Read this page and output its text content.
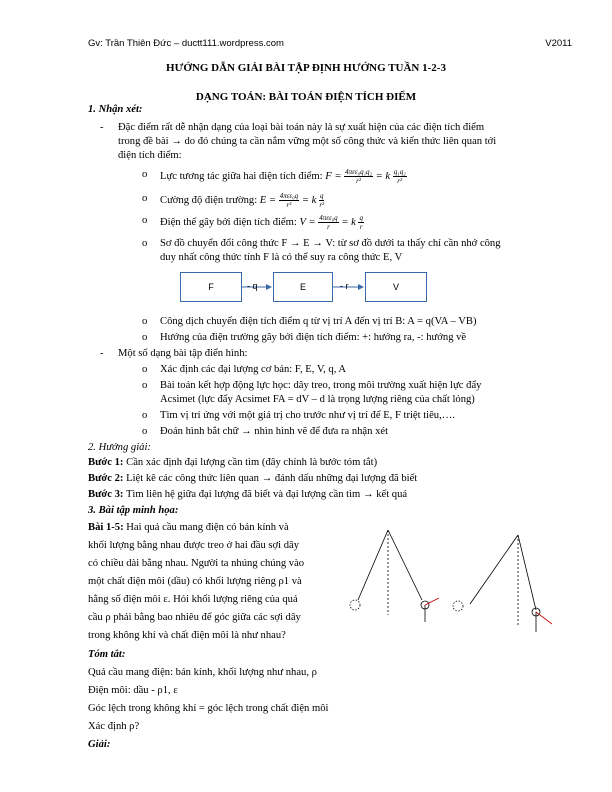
Gv: Trần Thiên Đức – ductt111.wordpress.com	V2011
HƯỚNG DẪN GIẢI BÀI TẬP ĐỊNH HƯỚNG TUẦN 1-2-3
DẠNG TOÁN: BÀI TOÁN ĐIỆN TÍCH ĐIỂM
1. Nhận xét:
- Đặc điểm rất dễ nhận dạng của loại bài toán này là sự xuất hiện của các điện tích điểm
trong đề bài → do đó chúng ta cần nắm vững một số công thức và kiến thức liên quan tới
điện tích điểm:
o Lực tương tác giữa hai điện tích điểm: $F = \frac{\text{4πεε₀q₁q₂}}{\text{r²}} = k \frac{\text{q₁q₂}}{\text{r²}}$
o Cường độ điện trường: $E = \frac{\text{4πεε₀q}}{\text{r²}} = k \frac{q}{\text{r²}}$
o Điện thế gây bởi điện tích điểm: $V = \frac{\text{4πεε₀q}}{r} = k \frac{q}{r}$
o Sơ đồ chuyển đổi công thức F → E → V: từ sơ đồ dưới ta thấy chỉ cần nhớ công
duy nhất công thức tính F là có thể suy ra công thức E, V
F	E	V
- q	- r
o Công dịch chuyển điện tích điểm q từ vị trí A đến vị trí B: A = q(VA – VB)
o Hướng của điện trường gây bởi điện tích điểm: +: hướng ra, -: hướng về
- Một số dạng bài tập điển hình:
o Xác định các đại lượng cơ bản: F, E, V, q, A
o Bài toán kết hợp động lực học: dây treo, trong môi trường xuất hiện lực đẩy
Acsimet (lực đẩy Acsimet FA = dV – d là trọng lượng riêng của chất lỏng)
o Tìm vị trí ứng với một giá trị cho trước như vị trí để E, F triệt tiêu,….
o Đoán hình bắt chữ → nhìn hình vẽ để đưa ra nhận xét
2. Hướng giải:
Bước 1: Cần xác định đại lượng cần tìm (đây chính là bước tóm tắt)
Bước 2: Liệt kê các công thức liên quan → đánh dấu những đại lượng đã biết
Bước 3: Tìm liên hệ giữa đại lượng đã biết và đại lượng cần tìm → kết quả
3. Bài tập minh họa:
Bài 1-5: Hai quả cầu mang điện có bán kính và
khối lượng bằng nhau được treo ở hai đầu sợi dây
có chiều dài bằng nhau. Người ta nhúng chúng vào
một chất điện môi (dầu) có khối lượng riêng ρ1 và
hằng số điện môi ε. Hỏi khối lượng riêng của quả
cầu ρ phải bằng bao nhiêu để góc giữa các sợi dây
trong không khí và chất điện môi là như nhau?
Tóm tắt:
Quả cầu mang điện: bán kính, khối lượng như nhau, ρ
Điện môi: dầu - ρ1, ε
Góc lệch trong không khí = góc lệch trong chất điện môi
Xác định ρ?
Giải:
